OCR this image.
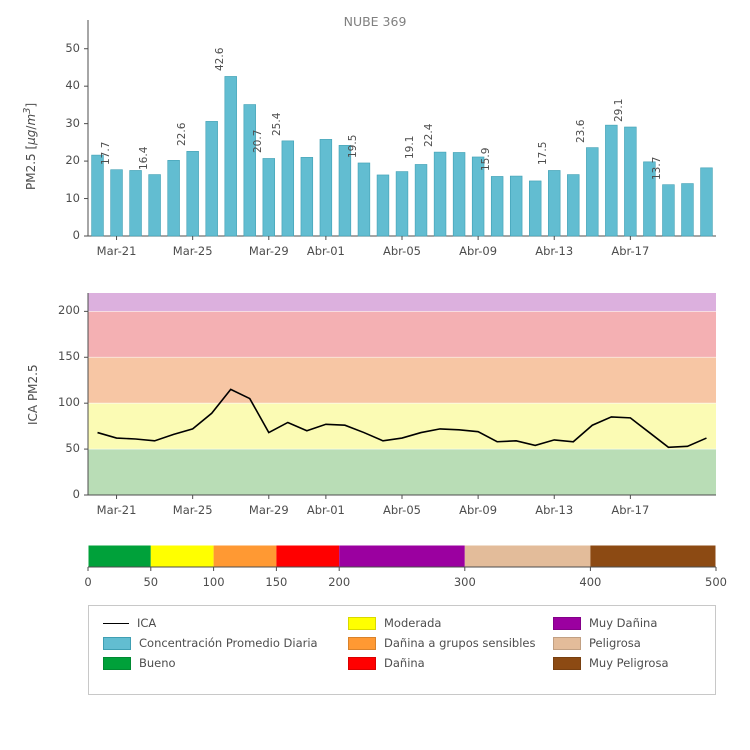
NUBE 369
PM2.5 $[\mu g/m^3]$
0
10
20
30
40
50
Mar-21	Mar-25	Mar-29	Abr-01	Abr-05	Abr-09	Abr-13	Abr-17
17.7 16.4
22.6
42.6
20.7
25.4
19.5	19.1
22.4
15.9	17.5
23.6
29.1
13.7
ICA PM2.5
0
50
100
150
200
Mar-21	Mar-25	Mar-29	Abr-01	Abr-05	Abr-09	Abr-13	Abr-17
0	50	100	150	200	300	400	500
ICA	Moderada	Muy Dañina
Concentración Promedio Diaria	Dañina a grupos sensibles	Peligrosa
Bueno	Dañina	Muy Peligrosa
